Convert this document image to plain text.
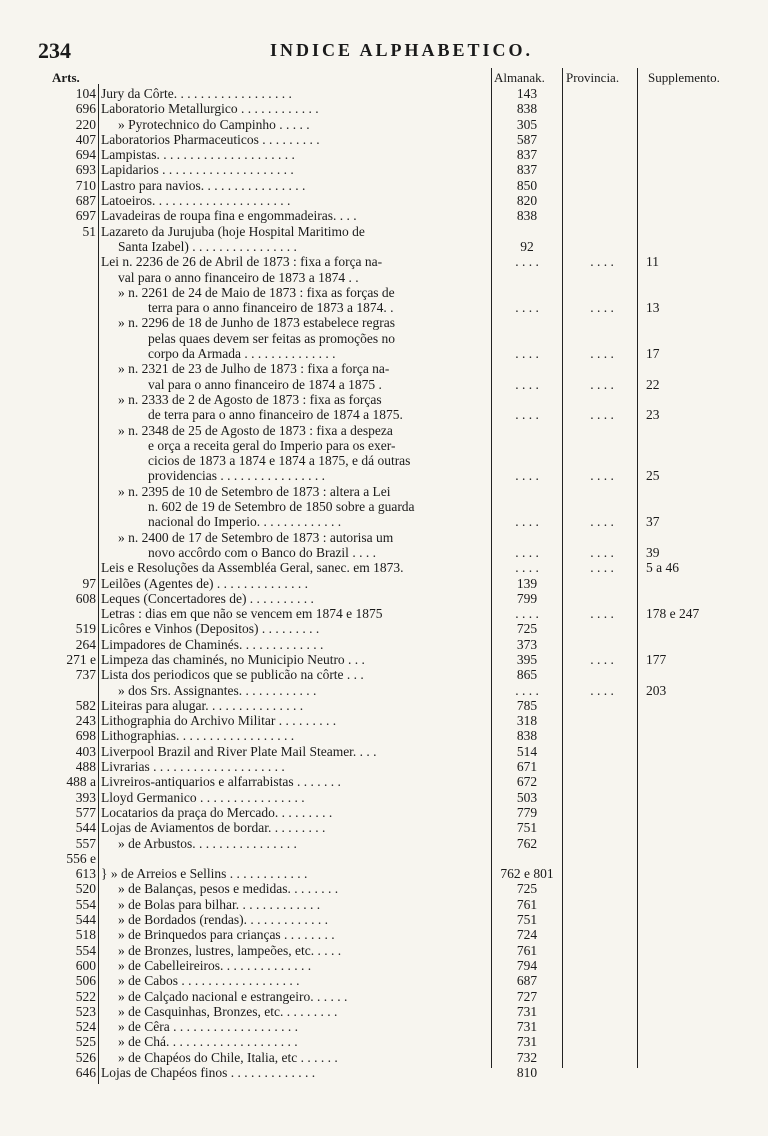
234	INDICE ALPHABETICO.
Arts.	Almanak. Provincia. Supplemento.
104 Jury da Côrte. . . . . . . . . . . . . . . . . .	143
696 Laboratorio Metallurgico . . . . . . . . . . . .	838
220 » Pyrotechnico do Campinho . . . . .	305
407 Laboratorios Pharmaceuticos . . . . . . . . .	587
694 Lampistas. . . . . . . . . . . . . . . . . . . . .	837
693 Lapidarios . . . . . . . . . . . . . . . . . . . .	837
710 Lastro para navios. . . . . . . . . . . . . . . .	850
687 Latoeiros. . . . . . . . . . . . . . . . . . . . .	820
697 Lavadeiras de roupa fina e engommadeiras. . . .	838
51 Lazareto da Jurujuba (hoje Hospital Maritimo de
Santa Izabel) . . . . . . . . . . . . . . . .	92
Lei n. 2236 de 26 de Abril de 1873 : fixa a força na-	. . . .	. . . .	11
val para o anno financeiro de 1873 a 1874 . .
» n. 2261 de 24 de Maio de 1873 : fixa as forças de
terra para o anno financeiro de 1873 a 1874. .	. . . .	. . . .	13
» n. 2296 de 18 de Junho de 1873 estabelece regras
pelas quaes devem ser feitas as promoções no
corpo da Armada . . . . . . . . . . . . . .	. . . .	. . . .	17
» n. 2321 de 23 de Julho de 1873 : fixa a força na-
val para o anno financeiro de 1874 a 1875 .	. . . .	. . . .	22
» n. 2333 de 2 de Agosto de 1873 : fixa as forças
de terra para o anno financeiro de 1874 a 1875.	. . . .	. . . .	23
» n. 2348 de 25 de Agosto de 1873 : fixa a despeza
e orça a receita geral do Imperio para os exer-
cicios de 1873 a 1874 e 1874 a 1875, e dá outras
providencias . . . . . . . . . . . . . . . .	. . . .	. . . .	25
» n. 2395 de 10 de Setembro de 1873 : altera a Lei
n. 602 de 19 de Setembro de 1850 sobre a guarda
nacional do Imperio. . . . . . . . . . . . .	. . . .	. . . .	37
» n. 2400 de 17 de Setembro de 1873 : autorisa um
novo accôrdo com o Banco do Brazil . . . .	. . . .	. . . .	39
Leis e Resoluções da Assembléa Geral, sanec. em 1873.	. . . .	. . . .	5 a 46
97 Leilões (Agentes de) . . . . . . . . . . . . . .	139
608 Leques (Concertadores de) . . . . . . . . . .	799
Letras : dias em que não se vencem em 1874 e 1875	. . . .	. . . .	178 e 247
519 Licôres e Vinhos (Depositos) . . . . . . . . .	725
264 Limpadores de Chaminés. . . . . . . . . . . . .	373
271 e Limpeza das chaminés, no Municipio Neutro . . .	395	. . . .	177
737 Lista dos periodicos que se publicão na côrte . . .	865
» dos Srs. Assignantes. . . . . . . . . . . .	. . . .	. . . .	203
582 Liteiras para alugar. . . . . . . . . . . . . . .	785
243 Lithographia do Archivo Militar . . . . . . . . .	318
698 Lithographias. . . . . . . . . . . . . . . . . .	838
403 Liverpool Brazil and River Plate Mail Steamer. . . .	514
488 Livrarias . . . . . . . . . . . . . . . . . . . .	671
488 a Livreiros-antiquarios e alfarrabistas . . . . . . .	672
393 Lloyd Germanico . . . . . . . . . . . . . . . .	503
577 Locatarios da praça do Mercado. . . . . . . . .	779
544 Lojas de Aviamentos de bordar. . . . . . . . .	751
557 » de Arbustos. . . . . . . . . . . . . . . .	762
556 e
613 } » de Arreios e Sellins . . . . . . . . . . . .	762 e 801
520 » de Balanças, pesos e medidas. . . . . . . .	725
554 » de Bolas para bilhar. . . . . . . . . . . . .	761
544 » de Bordados (rendas). . . . . . . . . . . . .	751
518 » de Brinquedos para crianças . . . . . . . .	724
554 » de Bronzes, lustres, lampeões, etc. . . . .	761
600 » de Cabelleireiros. . . . . . . . . . . . . .	794
506 » de Cabos . . . . . . . . . . . . . . . . . .	687
522 » de Calçado nacional e estrangeiro. . . . . .	727
523 » de Casquinhas, Bronzes, etc. . . . . . . . .	731
524 » de Cêra . . . . . . . . . . . . . . . . . . .	731
525 » de Chá. . . . . . . . . . . . . . . . . . . .	731
526 » de Chapéos do Chile, Italia, etc . . . . . .	732
646 Lojas de Chapéos finos . . . . . . . . . . . . .	810
